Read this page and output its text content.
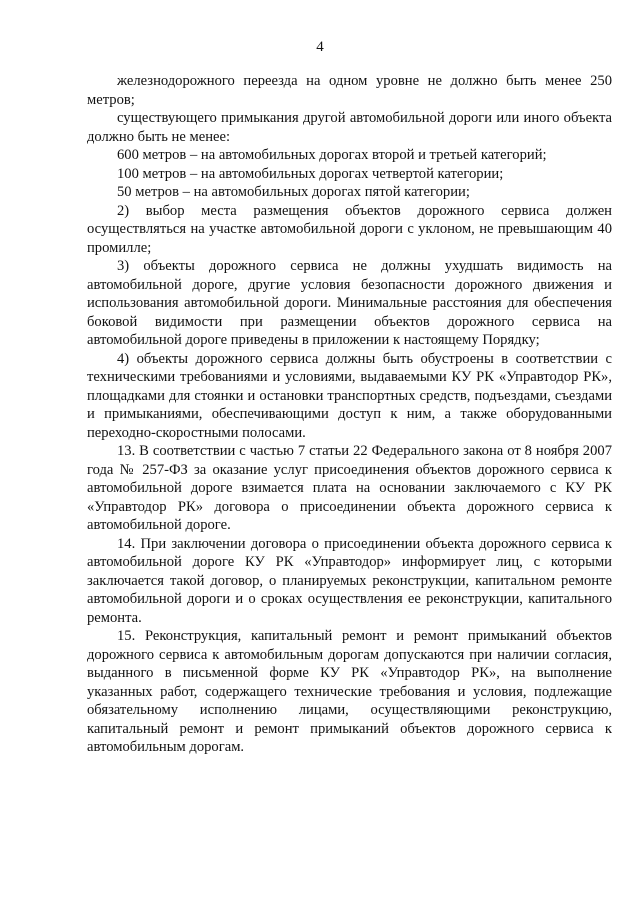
4

железнодорожного переезда на одном уровне не должно быть менее 250 метров;

существующего примыкания другой автомобильной дороги или иного объекта должно быть не менее:

600 метров – на автомобильных дорогах второй и третьей категорий;

100 метров – на автомобильных дорогах четвертой категории;

50 метров – на автомобильных дорогах пятой категории;

2) выбор места размещения объектов дорожного сервиса должен осуществляться на участке автомобильной дороги с уклоном, не превышающим 40 промилле;

3) объекты дорожного сервиса не должны ухудшать видимость на автомобильной дороге, другие условия безопасности дорожного движения и использования автомобильной дороги. Минимальные расстояния для обеспечения боковой видимости при размещении объектов дорожного сервиса на автомобильной дороге приведены в приложении к настоящему Порядку;

4) объекты дорожного сервиса должны быть обустроены в соответствии с техническими требованиями и условиями, выдаваемыми КУ РК «Управтодор РК», площадками для стоянки и остановки транспортных средств, подъездами, съездами и примыканиями, обеспечивающими доступ к ним, а также оборудованными переходно-скоростными полосами.

13. В соответствии с частью 7 статьи 22 Федерального закона от 8 ноября 2007 года № 257-ФЗ за оказание услуг присоединения объектов дорожного сервиса к автомобильной дороге взимается плата на основании заключаемого с КУ РК «Управтодор РК» договора о присоединении объекта дорожного сервиса к автомобильной дороге.

14. При заключении договора о присоединении объекта дорожного сервиса к автомобильной дороге КУ РК «Управтодор» информирует лиц, с которыми заключается такой договор, о планируемых реконструкции, капитальном ремонте автомобильной дороги и о сроках осуществления ее реконструкции, капитального ремонта.

15. Реконструкция, капитальный ремонт и ремонт примыканий объектов дорожного сервиса к автомобильным дорогам допускаются при наличии согласия, выданного в письменной форме КУ РК «Управтодор РК», на выполнение указанных работ, содержащего технические требования и условия, подлежащие обязательному исполнению лицами, осуществляющими реконструкцию, капитальный ремонт и ремонт примыканий объектов дорожного сервиса к автомобильным дорогам.
